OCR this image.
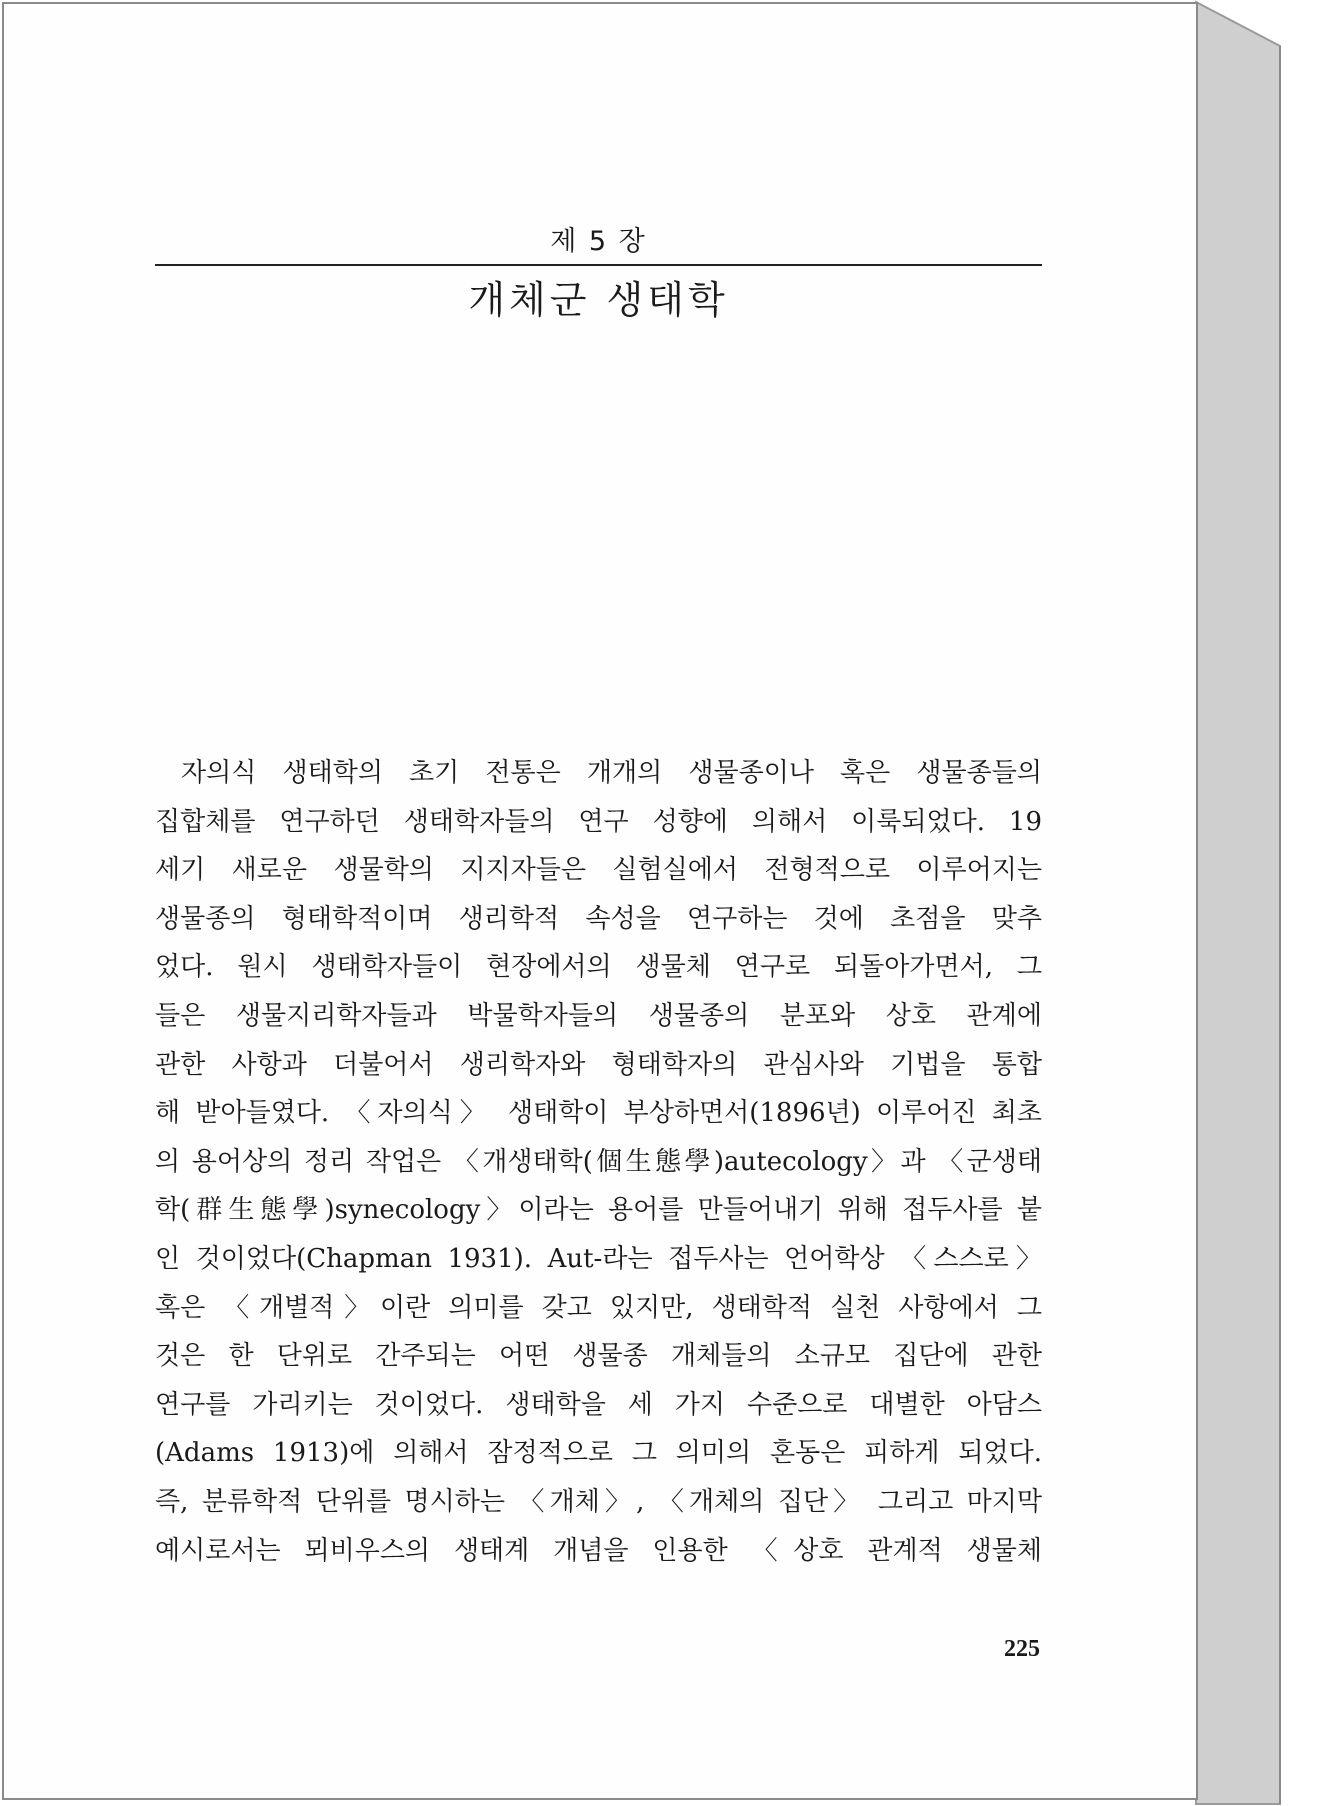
제 5 장
개체군 생태학
자의식 생태학의 초기 전통은 개개의 생물종이나 혹은 생물종들의
집합체를 연구하던 생태학자들의 연구 성향에 의해서 이룩되었다. 19
세기 새로운 생물학의 지지자들은 실험실에서 전형적으로 이루어지는
생물종의 형태학적이며 생리학적 속성을 연구하는 것에 초점을 맞추
었다. 원시 생태학자들이 현장에서의 생물체 연구로 되돌아가면서, 그
들은 생물지리학자들과 박물학자들의 생물종의 분포와 상호 관계에
관한 사항과 더불어서 생리학자와 형태학자의 관심사와 기법을 통합
해 받아들였다. 〈자의식〉 생태학이 부상하면서(1896년) 이루어진 최초
의 용어상의 정리 작업은 〈개생태학(個生態學)autecology〉과 〈군생태
학(群生態學)synecology〉이라는 용어를 만들어내기 위해 접두사를 붙
인 것이었다(Chapman 1931). Aut-라는 접두사는 언어학상 〈스스로〉
혹은 〈개별적〉이란 의미를 갖고 있지만, 생태학적 실천 사항에서 그
것은 한 단위로 간주되는 어떤 생물종 개체들의 소규모 집단에 관한
연구를 가리키는 것이었다. 생태학을 세 가지 수준으로 대별한 아담스
(Adams 1913)에 의해서 잠정적으로 그 의미의 혼동은 피하게 되었다.
즉, 분류학적 단위를 명시하는 〈개체〉, 〈개체의 집단〉 그리고 마지막
예시로서는 뫼비우스의 생태계 개념을 인용한 〈상호 관계적 생물체
225
